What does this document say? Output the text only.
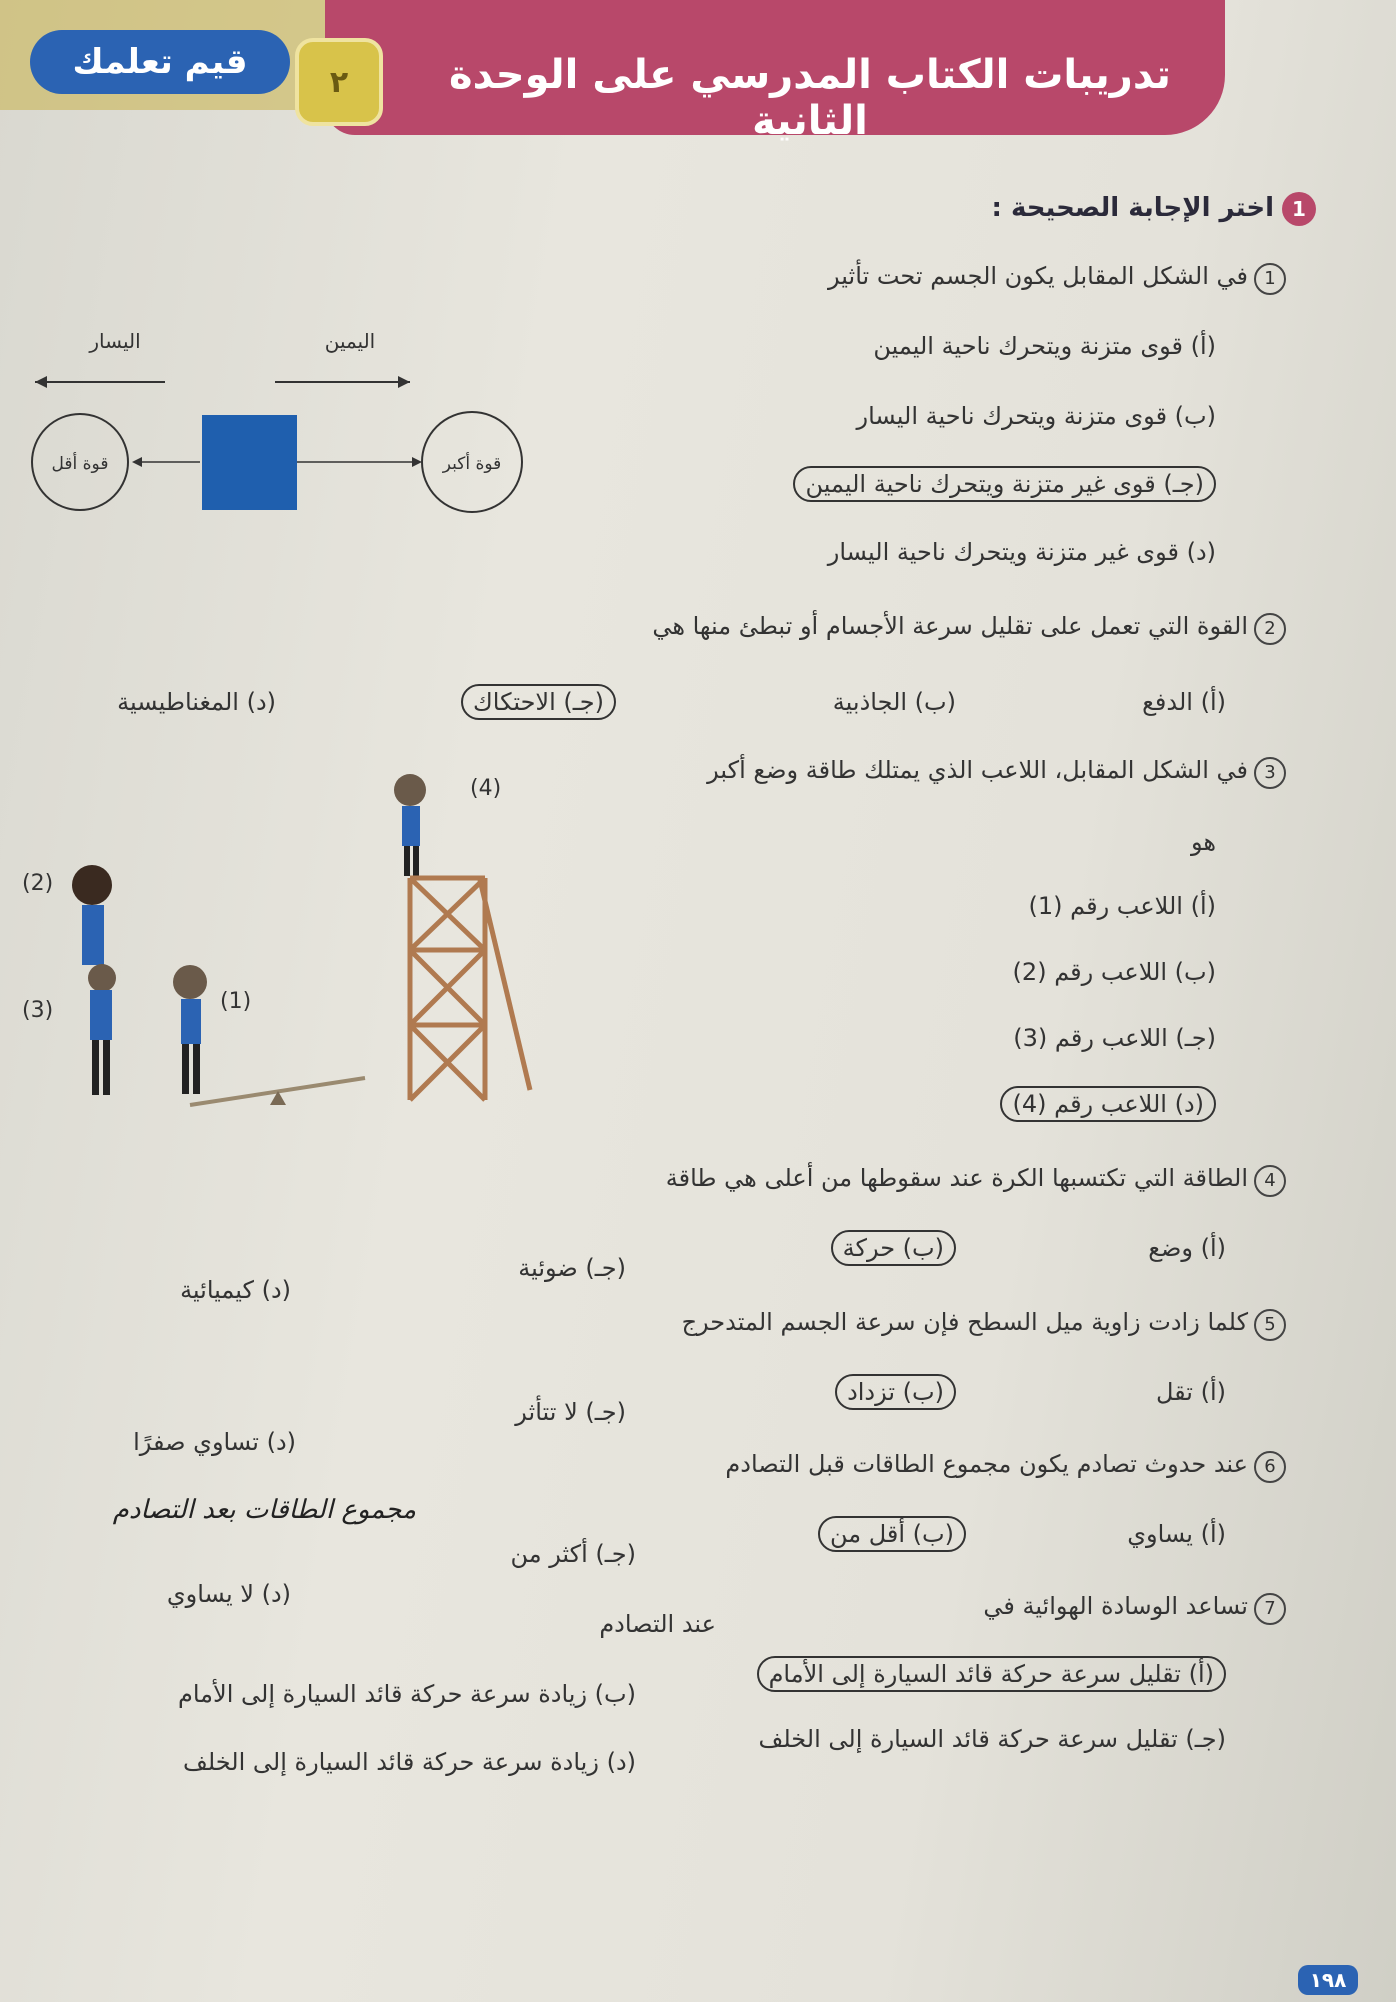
قيم تعلمك	٢	تدريبات الكتاب المدرسي على الوحدة الثانية
1اختر الإجابة الصحيحة :
1في الشكل المقابل يكون الجسم تحت تأثير
(أ) قوى متزنة ويتحرك ناحية اليمين
(ب) قوى متزنة ويتحرك ناحية اليسار
(جـ) قوى غير متزنة ويتحرك ناحية اليمين
(د) قوى غير متزنة ويتحرك ناحية اليسار
اليسار	اليمين
قوة أقل	قوة أكبر
2القوة التي تعمل على تقليل سرعة الأجسام أو تبطئ منها هي
(أ) الدفع
(ب) الجاذبية
(جـ) الاحتكاك
(د) المغناطيسية
3في الشكل المقابل، اللاعب الذي يمتلك طاقة وضع أكبر
هو
(أ) اللاعب رقم (1)
(ب) اللاعب رقم (2)
(جـ) اللاعب رقم (3)
(د) اللاعب رقم (4)
(4)
(2)
(3)	(1)
4الطاقة التي تكتسبها الكرة عند سقوطها من أعلى هي طاقة
(أ) وضع
(ب) حركة
(جـ) ضوئية
(د) كيميائية
5كلما زادت زاوية ميل السطح فإن سرعة الجسم المتدحرج
(أ) تقل
(ب) تزداد
(جـ) لا تتأثر
(د) تساوي صفرًا
6عند حدوث تصادم يكون مجموع الطاقات قبل التصادم
مجموع الطاقات بعد التصادم
(أ) يساوي
(ب) أقل من
(جـ) أكثر من
(د) لا يساوي
7تساعد الوسادة الهوائية في
عند التصادم
(أ) تقليل سرعة حركة قائد السيارة إلى الأمام
(ب) زيادة سرعة حركة قائد السيارة إلى الأمام
(جـ) تقليل سرعة حركة قائد السيارة إلى الخلف
(د) زيادة سرعة حركة قائد السيارة إلى الخلف
١٩٨
